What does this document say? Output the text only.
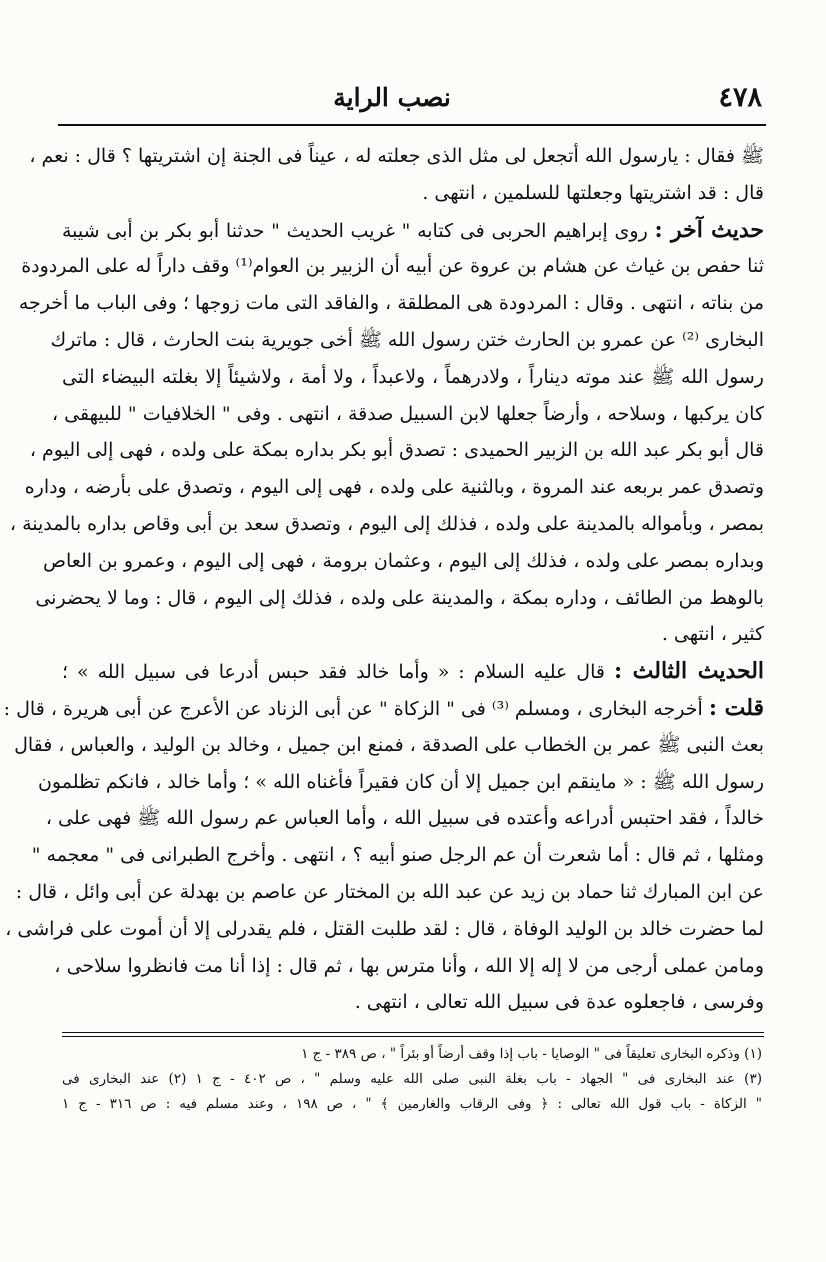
٤٧٨
نصب الراية
ﷺ فقال : يارسول الله أتجعل لى مثل الذى جعلته له ، عيناً فى الجنة إن اشتريتها ؟ قال : نعم ،
قال : قد اشتريتها وجعلتها للسلمين ، انتهى .
حديث آخر : روى إبراهيم الحربى فى كتابه " غريب الحديث " حدثنا أبو بكر بن أبى شيبة
ثنا حفص بن غياث عن هشام بن عروة عن أبيه أن الزبير بن العوام⁽¹⁾ وقف داراً له على المردودة
من بناته ، انتهى . وقال : المردودة هى المطلقة ، والفاقد التى مات زوجها ؛ وفى الباب ما أخرجه
البخارى ⁽²⁾ عن عمرو بن الحارث ختن رسول الله ﷺ أخى جويرية بنت الحارث ، قال : ماترك
رسول الله ﷺ عند موته ديناراً ، ولادرهماً ، ولاعبداً ، ولا أمة ، ولاشيئاً إلا بغلته البيضاء التى
كان يركبها ، وسلاحه ، وأرضاً جعلها لابن السبيل صدقة ، انتهى . وفى " الخلافيات " للبيهقى ،
قال أبو بكر عبد الله بن الزبير الحميدى : تصدق أبو بكر بداره بمكة على ولده ، فهى إلى اليوم ،
وتصدق عمر بربعه عند المروة ، وبالثنية على ولده ، فهى إلى اليوم ، وتصدق على بأرضه ، وداره
بمصر ، وبأمواله بالمدينة على ولده ، فذلك إلى اليوم ، وتصدق سعد بن أبى وقاص بداره بالمدينة ،
وبداره بمصر على ولده ، فذلك إلى اليوم ، وعثمان برومة ، فهى إلى اليوم ، وعمرو بن العاص
بالوهط من الطائف ، وداره بمكة ، والمدينة على ولده ، فذلك إلى اليوم ، قال : وما لا يحضرنى
كثير ، انتهى .
الحديث الثالث : قال عليه السلام : « وأما خالد فقد حبس أدرعا فى سبيل الله » ؛
قلت : أخرجه البخارى ، ومسلم ⁽³⁾ فى " الزكاة " عن أبى الزناد عن الأعرج عن أبى هريرة ، قال :
بعث النبى ﷺ عمر بن الخطاب على الصدقة ، فمنع ابن جميل ، وخالد بن الوليد ، والعباس ، فقال
رسول الله ﷺ : « ماينقم ابن جميل إلا أن كان فقيراً فأغناه الله » ؛ وأما خالد ، فانكم تظلمون
خالداً ، فقد احتبس أدراعه وأعتده فى سبيل الله ، وأما العباس عم رسول الله ﷺ فهى على ،
ومثلها ، ثم قال : أما شعرت أن عم الرجل صنو أبيه ؟ ، انتهى . وأخرج الطبرانى فى " معجمه "
عن ابن المبارك ثنا حماد بن زيد عن عبد الله بن المختار عن عاصم بن بهدلة عن أبى وائل ، قال :
لما حضرت خالد بن الوليد الوفاة ، قال : لقد طلبت القتل ، فلم يقدرلى إلا أن أموت على فراشى ،
ومامن عملى أرجى من لا إله إلا الله ، وأنا مترس بها ، ثم قال : إذا أنا مت فانظروا سلاحى ،
وفرسى ، فاجعلوه عدة فى سبيل الله تعالى ، انتهى .
(١) وذكره البخارى تعليقاً فى " الوصايا - باب إذا وقف أرضاً أو بئراً " ، ص ٣٨٩ - ج ١
(٣) عند البخارى فى " الجهاد - باب بغلة النبى صلى الله عليه وسلم " ، ص ٤٠٢ - ج ١ (٢) عند البخارى فى
" الزكاة - باب قول الله تعالى : ﴿ وفى الرقاب والغارمين ﴾ " ، ص ١٩٨ ، وعند مسلم فيه : ص ٣١٦ - ج ١
